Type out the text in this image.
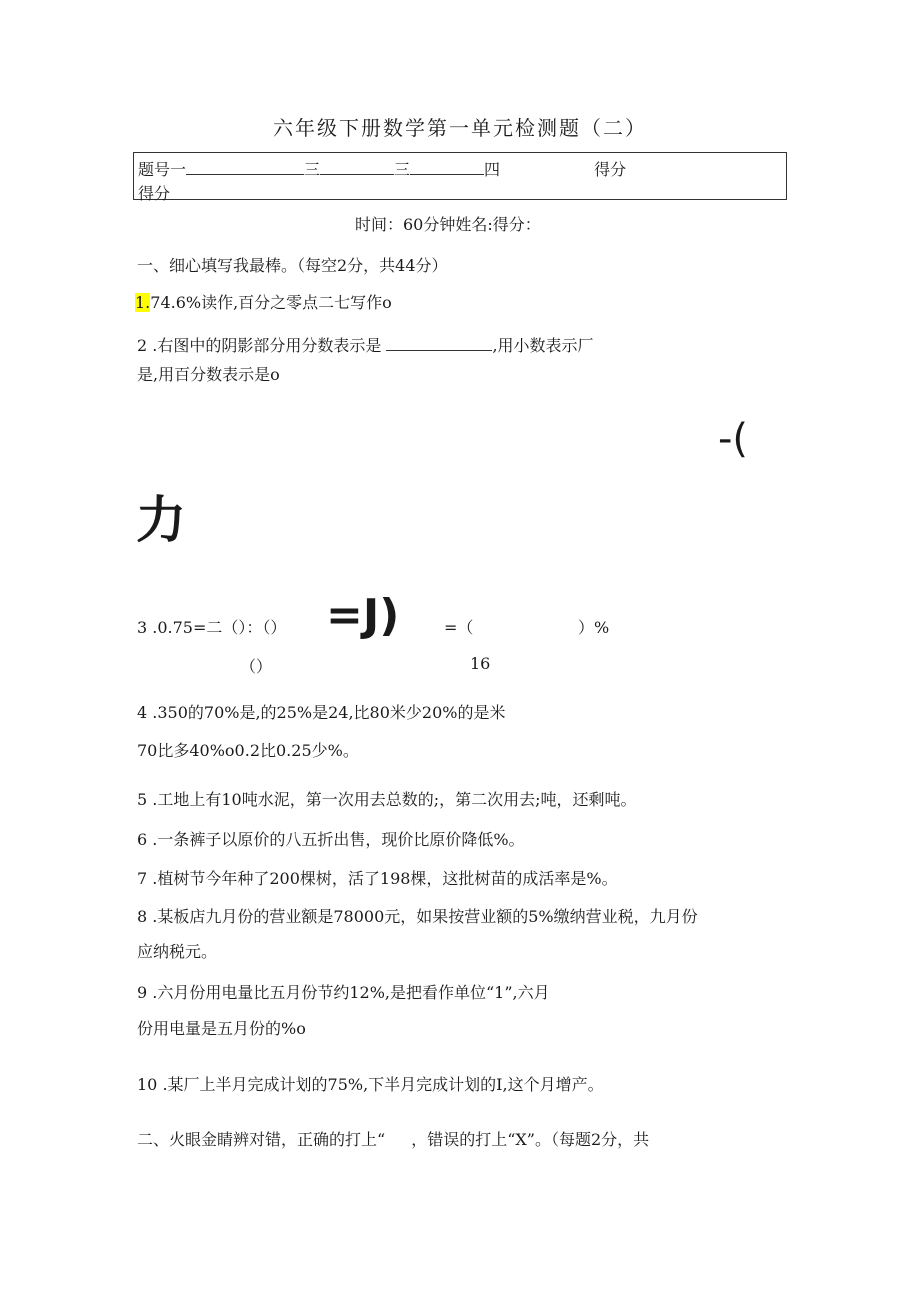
六年级下册数学第一单元检测题（二）
题号一	三	三	四	得分
得分
时间：60分钟姓名:得分：
一、细心填写我最棒。（每空2分，共44分）
1.74.6%读作,百分之零点二七写作o
2 .右图中的阴影部分用分数表示是	,用小数表示厂
是,用百分数表示是o
-(
力
3 .0.75=二（）：（） =J)	=（	）%
（）	16
4 .350的70%是,的25%是24,比80米少20%的是米
70比多40%o0.2比0.25少%。
5 .工地上有10吨水泥，第一次用去总数的;，第二次用去;吨，还剩吨。
6 .一条裤子以原价的八五折出售，现价比原价降低%。
7 .植树节今年种了200棵树，活了198棵，这批树苗的成活率是%。
8 .某板店九月份的营业额是78000元，如果按营业额的5%缴纳营业税，九月份
应纳税元。
9 .六月份用电量比五月份节约12%,是把看作单位“1”,六月
份用电量是五月份的%o
10 .某厂上半月完成计划的75%,下半月完成计划的I,这个月增产。
二、火眼金睛辨对错，正确的打上“ ，错误的打上“X”。（每题2分，共
